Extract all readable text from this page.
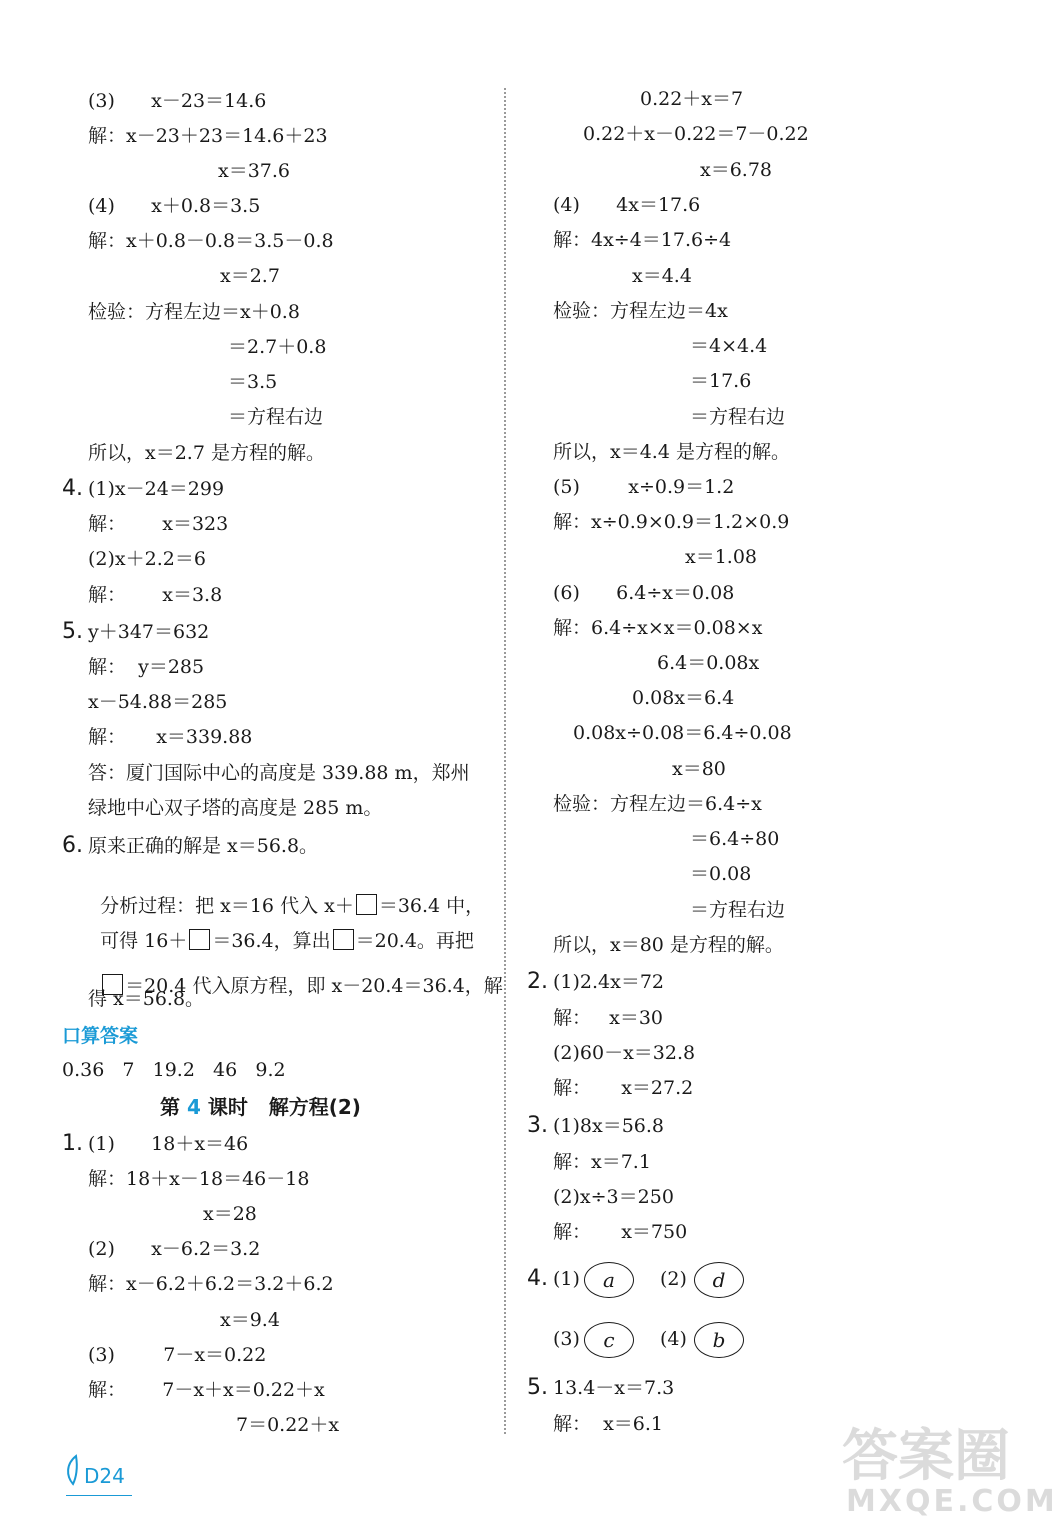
(3)      x－23＝14.6
解：x－23＋23＝14.6＋23
x＝37.6
(4)      x＋0.8＝3.5
解：x＋0.8－0.8＝3.5－0.8
x＝2.7
检验：方程左边＝x＋0.8
＝2.7＋0.8
＝3.5
＝方程右边
所以，x＝2.7 是方程的解。
4. (1)x－24＝299
解：      x＝323
(2)x＋2.2＝6
解：      x＝3.8
5. y＋347＝632
解：  y＝285
x－54.88＝285
解：     x＝339.88
答：厦门国际中心的高度是 339.88 m，郑州
绿地中心双子塔的高度是 285 m。
6. 原来正确的解是 x＝56.8。

分析过程：把 x＝16 代入 x＋ ＝36.4 中，

可得 16＋ ＝36.4，算出 ＝20.4。再把

＝20.4 代入原方程，即 x－20.4＝36.4，解

得 x＝56.8。
口算答案
0.36   7   19.2   46   9.2
第 4 课时   解方程(2)
1. (1)      18＋x＝46
解：18＋x－18＝46－18
x＝28
(2)      x－6.2＝3.2
解：x－6.2＋6.2＝3.2＋6.2
x＝9.4
(3)        7－x＝0.22
解：      7－x＋x＝0.22＋x
7＝0.22＋x
0.22＋x＝7
0.22＋x－0.22＝7－0.22
x＝6.78
(4)      4x＝17.6
解：4x÷4＝17.6÷4
x＝4.4
检验：方程左边＝4x
＝4×4.4
＝17.6
＝方程右边
所以，x＝4.4 是方程的解。
(5)        x÷0.9＝1.2
解：x÷0.9×0.9＝1.2×0.9
x＝1.08
(6)      6.4÷x＝0.08
解：6.4÷x×x＝0.08×x
6.4＝0.08x
0.08x＝6.4
0.08x÷0.08＝6.4÷0.08
x＝80
检验：方程左边＝6.4÷x
＝6.4÷80
＝0.08
＝方程右边
所以，x＝80 是方程的解。
2. (1)2.4x＝72
解：   x＝30
(2)60－x＝32.8
解：     x＝27.2
3. (1)8x＝56.8
解：x＝7.1
(2)x÷3＝250
解：     x＝750
4. (1)	a	(2)	d
(3)	c	(4)	b
5. 13.4－x＝7.3
解：  x＝6.1
D24	答案圈
MXQE.COM
